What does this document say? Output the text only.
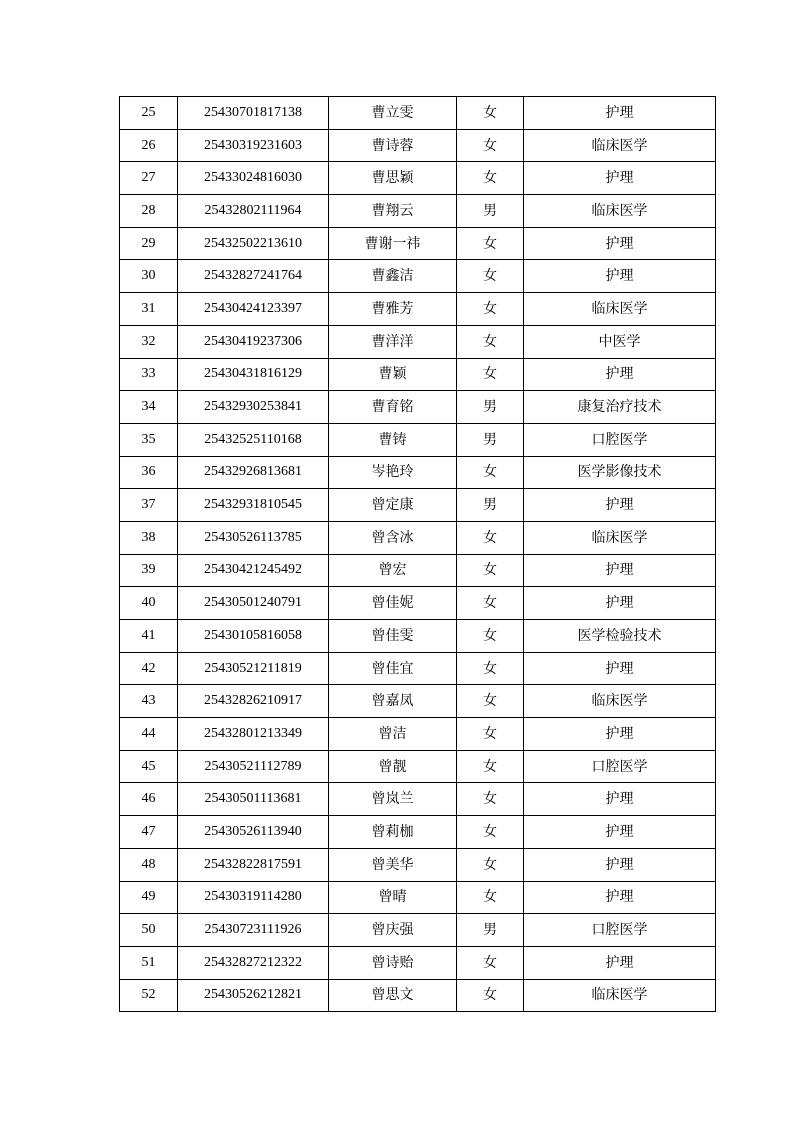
25	25430701817138	曹立雯	女	护理
26	25430319231603	曹诗蓉	女	临床医学
27	25433024816030	曹思颖	女	护理
28	25432802111964	曹翔云	男	临床医学
29	25432502213610	曹谢一祎	女	护理
30	25432827241764	曹鑫洁	女	护理
31	25430424123397	曹雅芳	女	临床医学
32	25430419237306	曹洋洋	女	中医学
33	25430431816129	曹颖	女	护理
34	25432930253841	曹育铭	男	康复治疗技术
35	25432525110168	曹铸	男	口腔医学
36	25432926813681	岑艳玲	女	医学影像技术
37	25432931810545	曾定康	男	护理
38	25430526113785	曾含冰	女	临床医学
39	25430421245492	曾宏	女	护理
40	25430501240791	曾佳妮	女	护理
41	25430105816058	曾佳雯	女	医学检验技术
42	25430521211819	曾佳宜	女	护理
43	25432826210917	曾嘉凤	女	临床医学
44	25432801213349	曾洁	女	护理
45	25430521112789	曾靓	女	口腔医学
46	25430501113681	曾岚兰	女	护理
47	25430526113940	曾莉枷	女	护理
48	25432822817591	曾美华	女	护理
49	25430319114280	曾晴	女	护理
50	25430723111926	曾庆强	男	口腔医学
51	25432827212322	曾诗贻	女	护理
52	25430526212821	曾思文	女	临床医学
